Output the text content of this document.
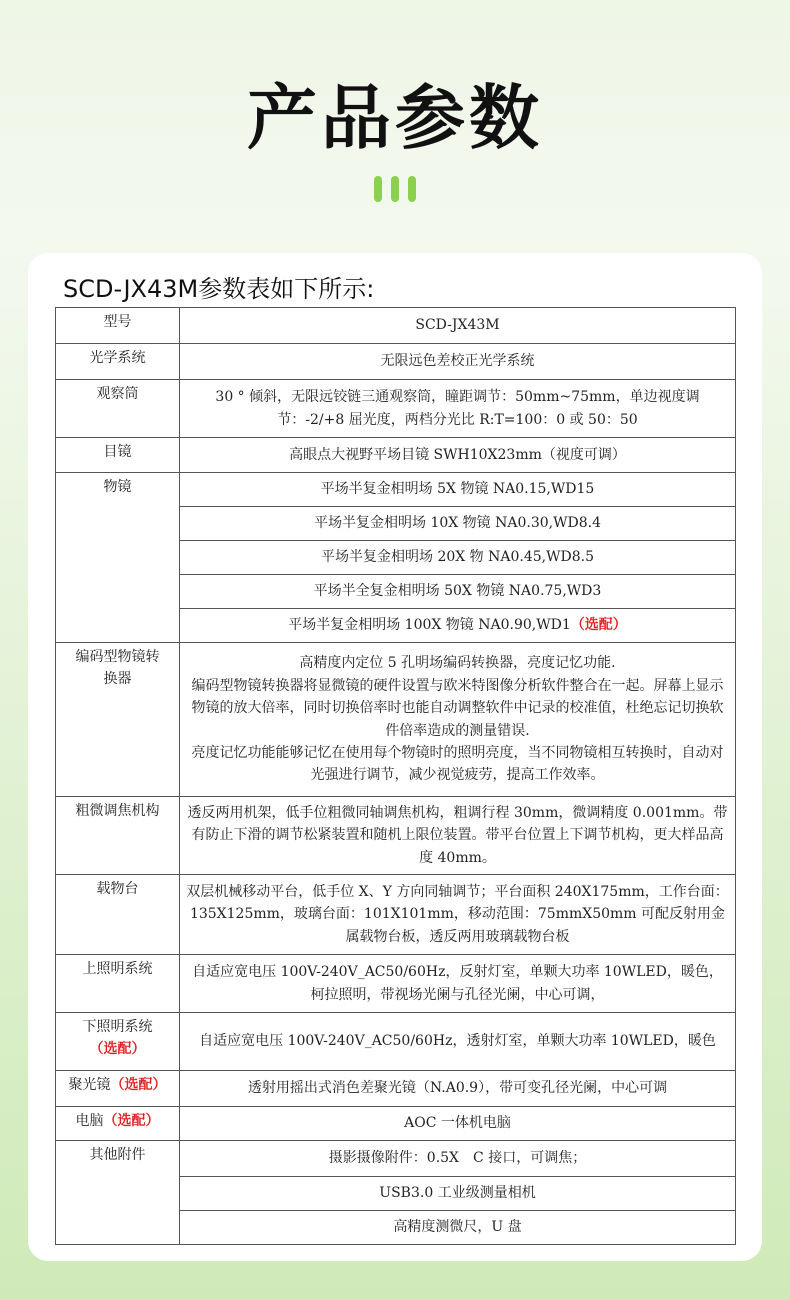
产品参数
SCD-JX43M参数表如下所示:
型号	SCD-JX43M
光学系统	无限远色差校正光学系统
观察筒	30 ° 倾斜，无限远铰链三通观察筒，瞳距调节：50mm~75mm，单边视度调节：-2/+8 屈光度，两档分光比 R:T=100：0 或 50：50
目镜	高眼点大视野平场目镜 SWH10X23mm（视度可调）
物镜	平场半复金相明场 5X 物镜 NA0.15,WD15
	平场半复金相明场 10X 物镜 NA0.30,WD8.4
	平场半复金相明场 20X 物 NA0.45,WD8.5
	平场半全复金相明场 50X 物镜 NA0.75,WD3
	平场半复金相明场 100X 物镜 NA0.90,WD1（选配）
编码型物镜转换器	高精度内定位 5 孔明场编码转换器，亮度记忆功能.
编码型物镜转换器将显微镜的硬件设置与欧米特图像分析软件整合在一起。屏幕上显示物镜的放大倍率，同时切换倍率时也能自动调整软件中记录的校准值，杜绝忘记切换软件倍率造成的测量错误.
亮度记忆功能能够记忆在使用每个物镜时的照明亮度，当不同物镜相互转换时，自动对光强进行调节，减少视觉疲劳，提高工作效率。

粗微调焦机构	透反两用机架，低手位粗微同轴调焦机构，粗调行程 30mm，微调精度 0.001mm。带有防止下滑的调节松紧装置和随机上限位装置。带平台位置上下调节机构，更大样品高度 40mm。
载物台	双层机械移动平台，低手位 X、Y 方向同轴调节；平台面积 240X175mm，工作台面：135X125mm，玻璃台面：101X101mm，移动范围：75mmX50mm 可配反射用金属载物台板，透反两用玻璃载物台板
上照明系统	自适应宽电压 100V-240V_AC50/60Hz，反射灯室，单颗大功率 10WLED，暖色，柯拉照明，带视场光阑与孔径光阑，中心可调，

下照明系统
（选配）	自适应宽电压 100V-240V_AC50/60Hz，透射灯室，单颗大功率 10WLED，暖色
聚光镜（选配）	透射用摇出式消色差聚光镜（N.A0.9），带可变孔径光阑，中心可调
电脑（选配）	AOC 一体机电脑
其他附件	摄影摄像附件：0.5X　C 接口，可调焦；
	USB3.0 工业级测量相机
	高精度测微尺，U 盘
